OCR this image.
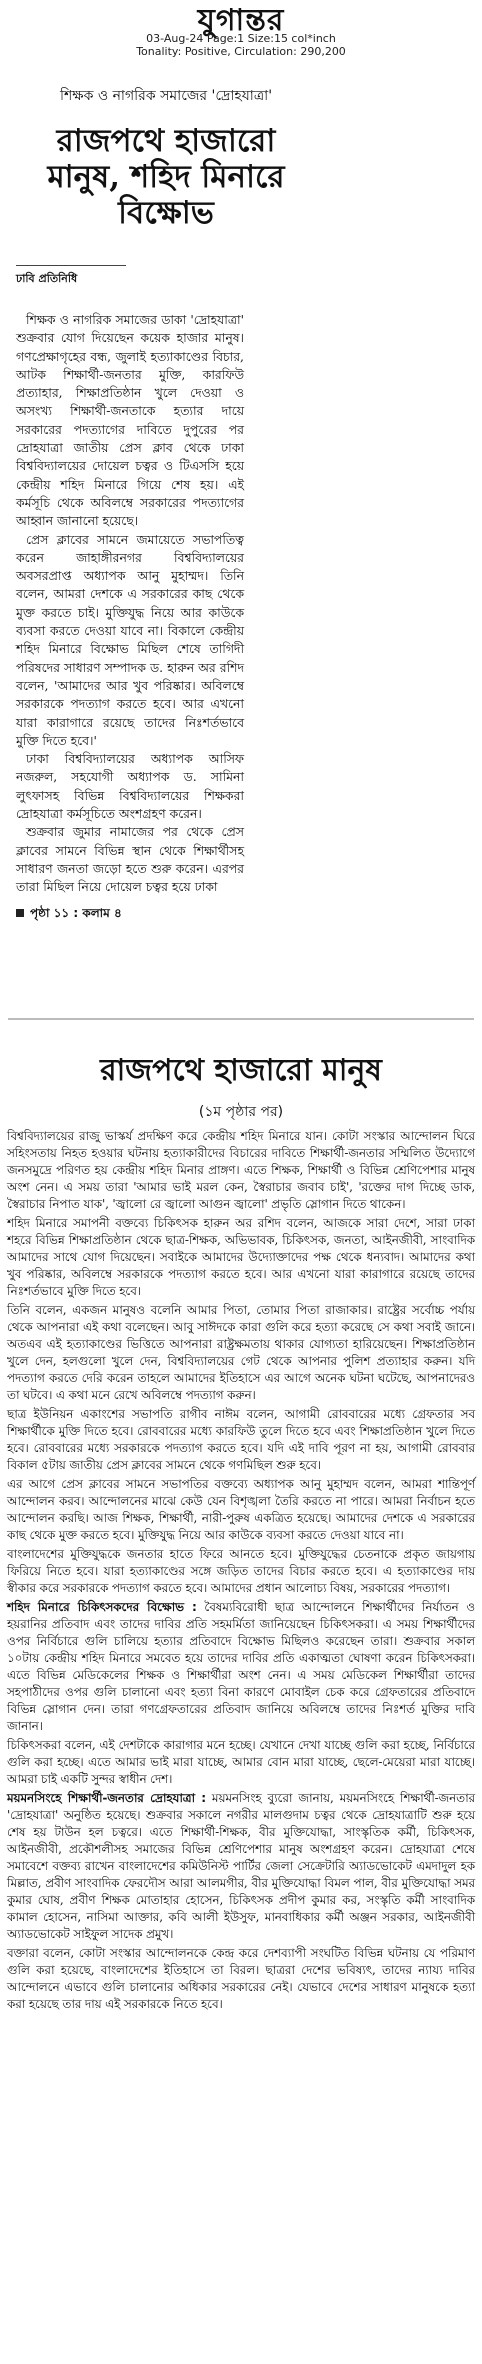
যুগান্তর
03-Aug-24 Page:1 Size:15 col*inch
Tonality: Positive, Circulation: 290,200
শিক্ষক ও নাগরিক সমাজের 'দ্রোহযাত্রা'
রাজপথে হাজারো মানুষ, শহিদ মিনারে বিক্ষোভ
ঢাবি প্রতিনিধি

শিক্ষক ও নাগরিক সমাজের ডাকা 'দ্রোহযাত্রা' শুক্রবার যোগ দিয়েছেন কয়েক হাজার মানুষ। গণপ্রেক্ষাগৃহের বন্ধ, জুলাই হত্যাকাণ্ডের বিচার, আটক শিক্ষার্থী-জনতার মুক্তি, কারফিউ প্রত্যাহার, শিক্ষাপ্রতিষ্ঠান খুলে দেওয়া ও অসংখ্য শিক্ষার্থী-জনতাকে হত্যার দায়ে সরকারের পদত্যাগের দাবিতে দুপুরের পর দ্রোহযাত্রা জাতীয় প্রেস ক্লাব থেকে ঢাকা বিশ্ববিদ্যালয়ের দোয়েল চত্বর ও টিএসসি হয়ে কেন্দ্রীয় শহিদ মিনারে গিয়ে শেষ হয়। এই কর্মসূচি থেকে অবিলম্বে সরকারের পদত্যাগের আহ্বান জানানো হয়েছে।

প্রেস ক্লাবের সামনে জমায়েতে সভাপতিত্ব করেন জাহাঙ্গীরনগর বিশ্ববিদ্যালয়ের অবসরপ্রাপ্ত অধ্যাপক আনু মুহাম্মদ। তিনি বলেন, আমরা দেশকে এ সরকারের কাছ থেকে মুক্ত করতে চাই। মুক্তিযুদ্ধ নিয়ে আর কাউকে ব্যবসা করতে দেওয়া যাবে না। বিকালে কেন্দ্রীয় শহিদ মিনারে বিক্ষোভ মিছিল শেষে তাগিদী পরিষদের সাধারণ সম্পাদক ড. হারুন অর রশিদ বলেন, 'আমাদের আর খুব পরিষ্কার। অবিলম্বে সরকারকে পদত্যাগ করতে হবে। আর এখনো যারা কারাগারে রয়েছে তাদের নিঃশর্তভাবে মুক্তি দিতে হবে।'

ঢাকা বিশ্ববিদ্যালয়ের অধ্যাপক আসিফ নজরুল, সহযোগী অধ্যাপক ড. সামিনা লুৎফাসহ বিভিন্ন বিশ্ববিদ্যালয়ের শিক্ষকরা দ্রোহযাত্রা কর্মসূচিতে অংশগ্রহণ করেন।

শুক্রবার জুমার নামাজের পর থেকে প্রেস ক্লাবের সামনে বিভিন্ন স্থান থেকে শিক্ষার্থীসহ সাধারণ জনতা জড়ো হতে শুরু করেন। এরপর তারা মিছিল নিয়ে দোয়েল চত্বর হয়ে ঢাকা

পৃষ্ঠা ১১ : কলাম ৪
রাজপথে হাজারো মানুষ
(১ম পৃষ্ঠার পর)

বিশ্ববিদ্যালয়ের রাজু ভাস্কর্য প্রদক্ষিণ করে কেন্দ্রীয় শহিদ মিনারে যান। কোটা সংস্কার আন্দোলন ঘিরে সহিংসতায় নিহত হওয়ার ঘটনায় হত্যাকারীদের বিচারের দাবিতে শিক্ষার্থী-জনতার সম্মিলিত উদ্যোগে জনসমুদ্রে পরিণত হয় কেন্দ্রীয় শহিদ মিনার প্রাঙ্গণ। এতে শিক্ষক, শিক্ষার্থী ও বিভিন্ন শ্রেণিপেশার মানুষ অংশ নেন। এ সময় তারা 'আমার ভাই মরল কেন, স্বৈরাচার জবাব চাই', 'রক্তের দাগ দিচ্ছে ডাক, স্বৈরাচার নিপাত যাক', 'জ্বালো রে জ্বালো আগুন জ্বালো' প্রভৃতি স্লোগান দিতে থাকেন।

শহিদ মিনারে সমাপনী বক্তব্যে চিকিৎসক হারুন অর রশিদ বলেন, আজকে সারা দেশে, সারা ঢাকা শহরে বিভিন্ন শিক্ষাপ্রতিষ্ঠান থেকে ছাত্র-শিক্ষক, অভিভাবক, চিকিৎসক, জনতা, আইনজীবী, সাংবাদিক আমাদের সাথে যোগ দিয়েছেন। সবাইকে আমাদের উদ্যোক্তাদের পক্ষ থেকে ধন্যবাদ। আমাদের কথা খুব পরিষ্কার, অবিলম্বে সরকারকে পদত্যাগ করতে হবে। আর এখনো যারা কারাগারে রয়েছে তাদের নিঃশর্তভাবে মুক্তি দিতে হবে।

তিনি বলেন, একজন মানুষও বলেনি আমার পিতা, তোমার পিতা রাজাকার। রাষ্ট্রের সর্বোচ্চ পর্যায় থেকে আপনারা এই কথা বলেছেন। আবু সাঈদকে কারা গুলি করে হত্যা করেছে সে কথা সবাই জানে। অতএব এই হত্যাকাণ্ডের ভিত্তিতে আপনারা রাষ্ট্রক্ষমতায় থাকার যোগ্যতা হারিয়েছেন। শিক্ষাপ্রতিষ্ঠান খুলে দেন, হলগুলো খুলে দেন, বিশ্ববিদ্যালয়ের গেট থেকে আপনার পুলিশ প্রত্যাহার করুন। যদি পদত্যাগ করতে দেরি করেন তাহলে আমাদের ইতিহাসে এর আগে অনেক ঘটনা ঘটেছে, আপনাদেরও তা ঘটবে। এ কথা মনে রেখে অবিলম্বে পদত্যাগ করুন।

ছাত্র ইউনিয়ন একাংশের সভাপতি রাগীব নাঈম বলেন, আগামী রোববারের মধ্যে গ্রেফতার সব শিক্ষার্থীকে মুক্তি দিতে হবে। রোববারের মধ্যে কারফিউ তুলে দিতে হবে এবং শিক্ষাপ্রতিষ্ঠান খুলে দিতে হবে। রোববারের মধ্যে সরকারকে পদত্যাগ করতে হবে। যদি এই দাবি পূরণ না হয়, আগামী রোববার বিকাল ৫টায় জাতীয় প্রেস ক্লাবের সামনে থেকে গণমিছিল শুরু হবে।

এর আগে প্রেস ক্লাবের সামনে সভাপতির বক্তব্যে অধ্যাপক আনু মুহাম্মদ বলেন, আমরা শান্তিপূর্ণ আন্দোলন করব। আন্দোলনের মাঝে কেউ যেন বিশৃঙ্খলা তৈরি করতে না পারে। আমরা নির্বাচন হতে আন্দোলন করছি। আজ শিক্ষক, শিক্ষার্থী, নারী-পুরুষ একত্রিত হয়েছে। আমাদের দেশকে এ সরকারের কাছ থেকে মুক্ত করতে হবে। মুক্তিযুদ্ধ নিয়ে আর কাউকে ব্যবসা করতে দেওয়া যাবে না।

বাংলাদেশের মুক্তিযুদ্ধকে জনতার হাতে ফিরে আনতে হবে। মুক্তিযুদ্ধের চেতনাকে প্রকৃত জায়গায় ফিরিয়ে নিতে হবে। যারা হত্যাকাণ্ডের সঙ্গে জড়িত তাদের বিচার করতে হবে। এ হত্যাকাণ্ডের দায় স্বীকার করে সরকারকে পদত্যাগ করতে হবে। আমাদের প্রধান আলোচ্য বিষয়, সরকারের পদত্যাগ।

শহিদ মিনারে চিকিৎসকদের বিক্ষোভ : বৈষম্যবিরোধী ছাত্র আন্দোলনে শিক্ষার্থীদের নির্যাতন ও হয়রানির প্রতিবাদ এবং তাদের দাবির প্রতি সহমর্মিতা জানিয়েছেন চিকিৎসকরা। এ সময় শিক্ষার্থীদের ওপর নির্বিচারে গুলি চালিয়ে হত্যার প্রতিবাদে বিক্ষোভ মিছিলও করেছেন তারা। শুক্রবার সকাল ১০টায় কেন্দ্রীয় শহিদ মিনারে সমবেত হয়ে তাদের দাবির প্রতি একাত্মতা ঘোষণা করেন চিকিৎসকরা। এতে বিভিন্ন মেডিকেলের শিক্ষক ও শিক্ষার্থীরা অংশ নেন। এ সময় মেডিকেল শিক্ষার্থীরা তাদের সহপাঠীদের ওপর গুলি চালানো এবং হত্যা বিনা কারণে মোবাইল চেক করে গ্রেফতারের প্রতিবাদে বিভিন্ন স্লোগান দেন। তারা গণগ্রেফতারের প্রতিবাদ জানিয়ে অবিলম্বে তাদের নিঃশর্ত মুক্তির দাবি জানান।

চিকিৎসকরা বলেন, এই দেশটাকে কারাগার মনে হচ্ছে। যেখানে দেখা যাচ্ছে গুলি করা হচ্ছে, নির্বিচারে গুলি করা হচ্ছে। এতে আমার ভাই মারা যাচ্ছে, আমার বোন মারা যাচ্ছে, ছেলে-মেয়েরা মারা যাচ্ছে। আমরা চাই একটি সুন্দর স্বাধীন দেশ।

ময়মনসিংহে শিক্ষার্থী-জনতার দ্রোহযাত্রা : ময়মনসিংহ ব্যুরো জানায়, ময়মনসিংহে শিক্ষার্থী-জনতার 'দ্রোহযাত্রা' অনুষ্ঠিত হয়েছে। শুক্রবার সকালে নগরীর মালগুদাম চত্বর থেকে দ্রোহযাত্রাটি শুরু হয়ে শেষ হয় টাউন হল চত্বরে। এতে শিক্ষার্থী-শিক্ষক, বীর মুক্তিযোদ্ধা, সাংস্কৃতিক কর্মী, চিকিৎসক, আইনজীবী, প্রকৌশলীসহ সমাজের বিভিন্ন শ্রেণিপেশার মানুষ অংশগ্রহণ করেন। দ্রোহযাত্রা শেষে সমাবেশে বক্তব্য রাখেন বাংলাদেশের কমিউনিস্ট পার্টির জেলা সেক্রেটারি অ্যাডভোকেট এমদাদুল হক মিল্লাত, প্রবীণ সাংবাদিক ফেরদৌস আরা আলমগীর, বীর মুক্তিযোদ্ধা বিমল পাল, বীর মুক্তিযোদ্ধা সমর কুমার ঘোষ, প্রবীণ শিক্ষক মোতাহার হোসেন, চিকিৎসক প্রদীপ কুমার কর, সংস্কৃতি কর্মী সাংবাদিক কামাল হোসেন, নাসিমা আক্তার, কবি আলী ইউসুফ, মানবাধিকার কর্মী অঞ্জন সরকার, আইনজীবী অ্যাডভোকেট সাইফুল সাদেক প্রমুখ।

বক্তারা বলেন, কোটা সংস্কার আন্দোলনকে কেন্দ্র করে দেশব্যাপী সংঘটিত বিভিন্ন ঘটনায় যে পরিমাণ গুলি করা হয়েছে, বাংলাদেশের ইতিহাসে তা বিরল। ছাত্ররা দেশের ভবিষ্যৎ, তাদের ন্যায্য দাবির আন্দোলনে এভাবে গুলি চালানোর অধিকার সরকারের নেই। যেভাবে দেশের সাধারণ মানুষকে হত্যা করা হয়েছে তার দায় এই সরকারকে নিতে হবে।
